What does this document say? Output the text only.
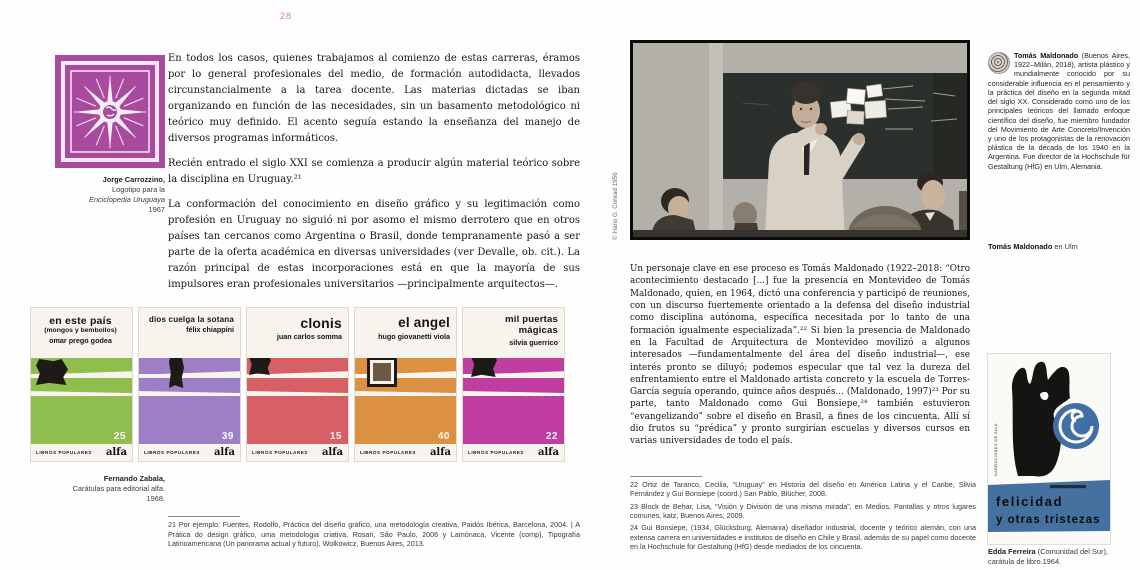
28
Jorge Carrozzino,
Logotipo para la
Enciclopedia Uruguaya
1967

En todos los casos, quienes trabajamos al comienzo de estas carreras, éramos por lo general profesionales del medio, de formación autodidacta, llevados circunstancialmente a la tarea docente. Las materias dictadas se iban organizando en función de las necesidades, sin un basamento metodológico ni teórico muy definido. El acento seguía estando la enseñanza del manejo de diversos programas informáticos.

Recién entrado el siglo XXI se comienza a producir algún material teórico sobre la disciplina en Uruguay.²¹

La conformación del conocimiento en diseño gráfico y su legitimación como profesión en Uruguay no siguió ni por asomo el mismo derrotero que en otros países tan cercanos como Argentina o Brasil, donde tempranamente pasó a ser parte de la oferta académica en diversas universidades (ver Devalle, ob. cit.). La razón principal de estas incorporaciones está en que la mayoría de sus impulsores eran profesionales universitarios —principalmente arquitectos—.

en este país
(mongos y bembollos)
omar prego godea
25
LIBROS POPULARES alfa
dios cuelga la sotana
félix chiappini
39
LIBROS POPULARES alfa
clonis
juan carlos somma
15
LIBROS POPULARES alfa
el angel
hugo giovanetti viola
40
LIBROS POPULARES alfa
mil puertas mágicas
silvia guerrico
22
LIBROS POPULARES alfa
Fernando Zabala,
Carátulas para editorial alfa.
1968.
21 Por ejemplo: Fuentes, Rodolfo, Práctica del diseño gráfico, una metodología creativa, Paidós Ibérica, Barcelona, 2004. | A Prática do design gráfico, uma metodologia criativa, Rosari, São Paulo, 2006 y Lamónaca, Vicente (comp), Tipografía Latinoamericana (Un panorama actual y futuro), Wolkowicz, Buenos Aires, 2013.
© Hans G. Conrad 1956
Tomás Maldonado (Buenos Aires, 1922–Milán, 2018), artista plástico y mundialmente conocido por su considerable influencia en el pensamiento y la práctica del diseño en la segunda mitad del siglo XX. Considerado como uno de los principales teóricos del llamado enfoque científico del diseño, fue miembro fundador del Movimiento de Arte Concreto/Invención y uno de los protagonistas de la renovación plástica de la década de los 1940 en la Argentina. Fue director de la Hochschule für Gestaltung (HfG) en Ulm, Alemania.
Tomás Maldonado en Ulm

Un personaje clave en ese proceso es Tomás Maldonado (1922–2018: “Otro acontecimiento destacado [...] fue la presencia en Montevideo de Tomás Maldonado, quien, en 1964, dictó una conferencia y participó de reuniones, con un discurso fuertemente orientado a la defensa del diseño industrial como disciplina autónoma, específica necesitada por lo tanto de una formación igualmente especializada”.²² Si bien la presencia de Maldonado en la Facultad de Arquitectura de Montevideo movilizó a algunos interesados —fundamentalmente del área del diseño industrial—, ese interés pronto se diluyó; podemos especular que tal vez la dureza del enfrentamiento entre el Maldonado artista concreto y la escuela de Torres-García seguía operando, quince años después... (Maldonado, 1997)²³ Por su parte, tanto Maldonado como Gui Bonsiepe,²⁴ también estuvieron “evangelizando” sobre el diseño en Brasil, a fines de los cincuenta. Allí sí dio frutos su “prédica” y pronto surgirían escuelas y diversos cursos en varias universidades de todo el país.

22 Ortiz de Taranco, Cecilia, “Uruguay” en Historia del diseño en América Latina y el Caribe, Silvia Fernández y Gui Bonsiepe (coord.) San Pablo, Blücher, 2008.

23 Block de Behar, Lisa, “Visión y División de una misma mirada”, en Medios, Pantallas y otros lugares comunes, katz, Buenos Aires, 2009.

24 Gui Bonsiepe, (1934, Glücksburg, Alemania) diseñador industrial, docente y teórico alemán, con una extensa carrera en universidades e institutos de diseño en Chile y Brasil, además de su papel como docente en la Hochschule für Gestaltung (HfG) desde mediados de los cincuenta.

NARRACIONES DE ANÍA
felicidad
y otras tristezas
Edda Ferreira (Comunidad del Sur),
carátula de libro.1964.
